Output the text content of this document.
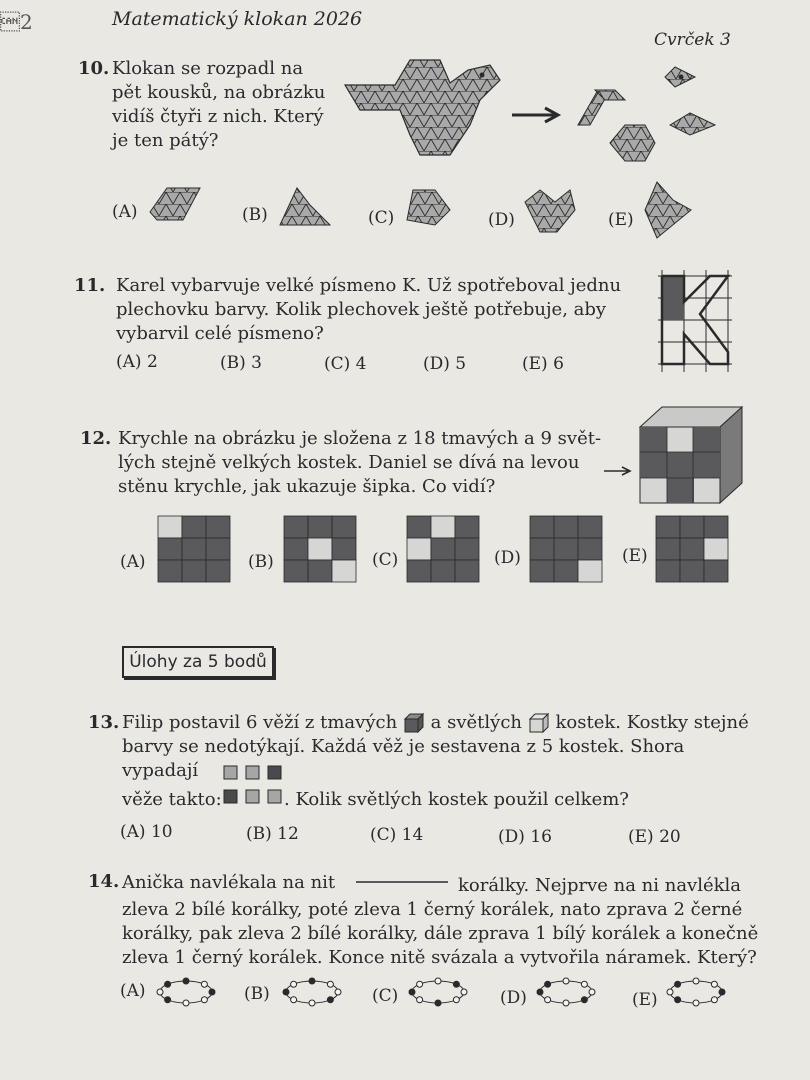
2	Matematický klokan 2026
Cvrček 3
10. Klokan se rozpadl na
pět kousků, na obrázku
vidíš čtyři z nich. Který
je ten pátý?
(A)	(B)	(C)	(D)	(E)
11. Karel vybarvuje velké písmeno K. Už spotřeboval jednu
plechovku barvy. Kolik plechovek ještě potřebuje, aby
vybarvil celé písmeno?
(A) 2	(B) 3	(C) 4	(D) 5	(E) 6
12. Krychle na obrázku je složena z 18 tmavých a 9 svět-
lých stejně velkých kostek. Daniel se dívá na levou
stěnu krychle, jak ukazuje šipka. Co vidí?
(A)	(B)	(C)	(D)	(E)
Úlohy za 5 bodů
13. Filip postavil 6 věží z tmavých a světlých kostek. Kostky stejné
barvy se nedotýkají. Každá věž je sestavena z 5 kostek. Shora vypadají
věže takto:	. Kolik světlých kostek použil celkem?
(A) 10	(B) 12	(C) 14	(D) 16	(E) 20
14. Anička navlékala na nit	korálky. Nejprve na ni navlékla
zleva 2 bílé korálky, poté zleva 1 černý korálek, nato zprava 2 černé
korálky, pak zleva 2 bílé korálky, dále zprava 1 bílý korálek a konečně
zleva 1 černý korálek. Konce nitě svázala a vytvořila náramek. Který?
(A)	(B)	(C)	(D)	(E)
